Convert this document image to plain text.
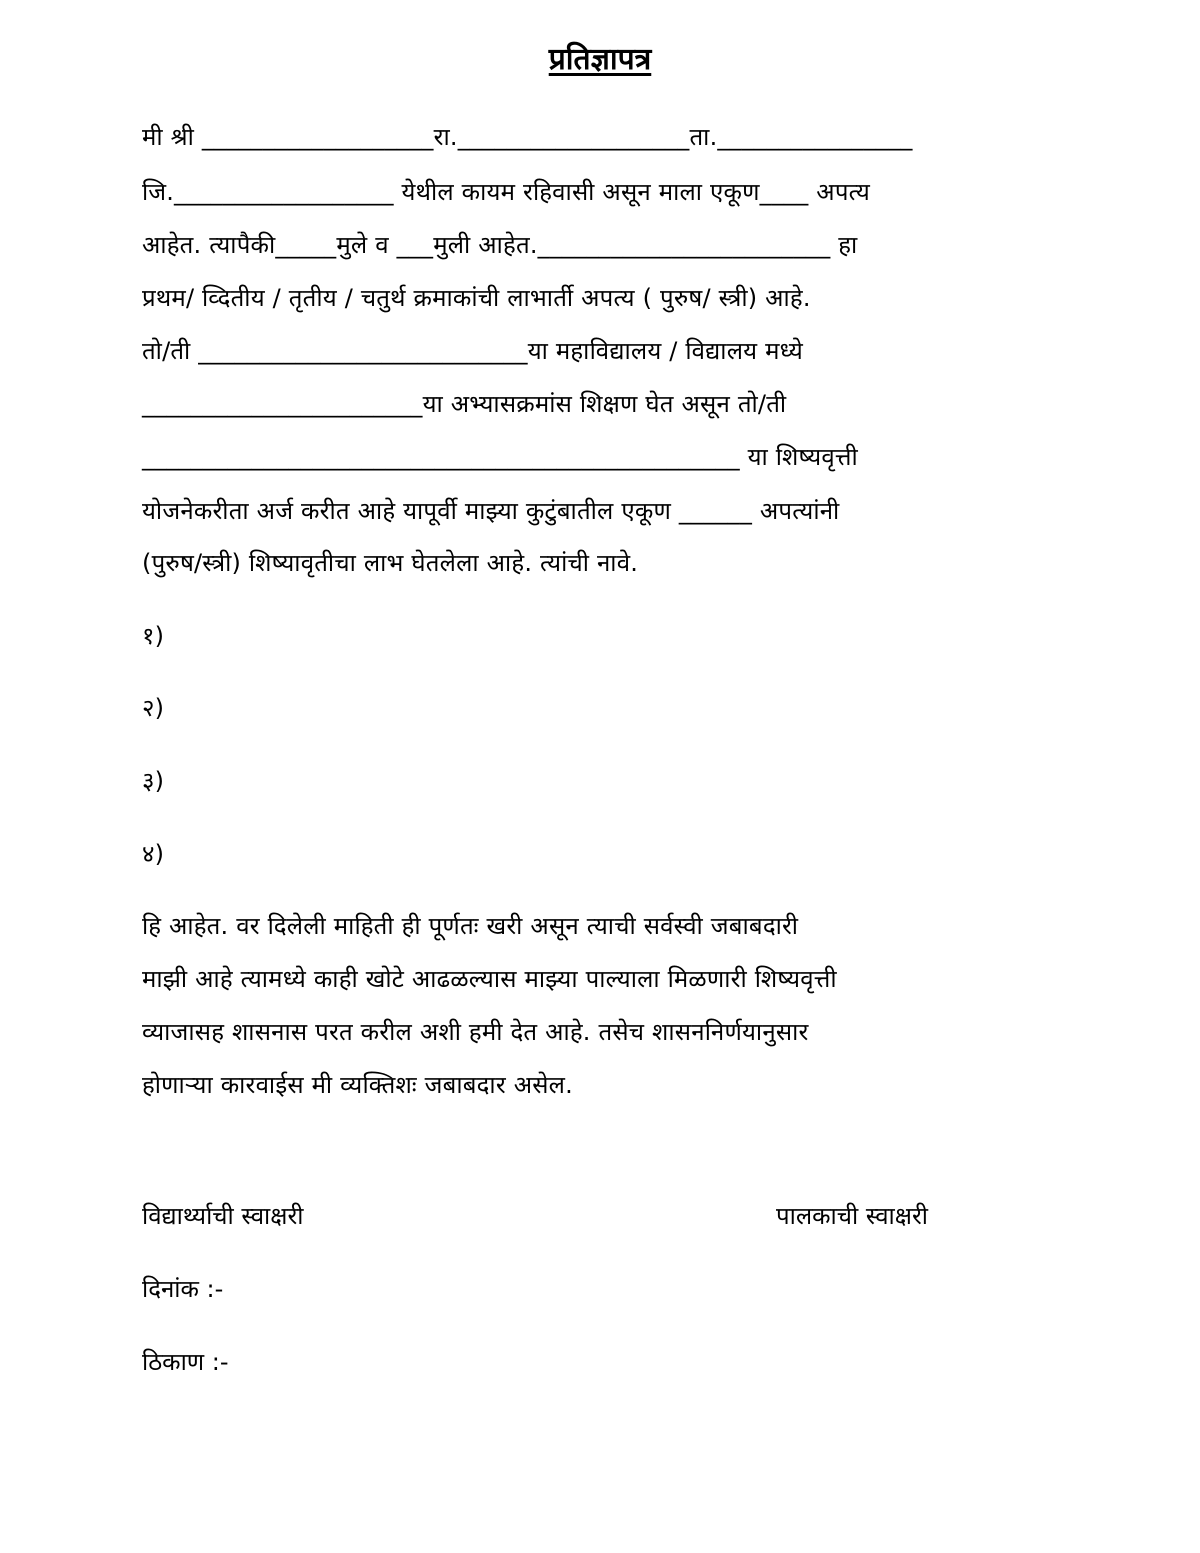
प्रतिज्ञापत्र
मी श्री ___________________रा.___________________ता.________________
जि.__________________ येथील कायम रहिवासी असून माला एकूण____ अपत्य
आहेत. त्यापैकी_____मुले व ___मुली आहेत.________________________ हा
प्रथम/ व्दितीय / तृतीय / चतुर्थ क्रमाकांची लाभार्ती अपत्य ( पुरुष/ स्त्री) आहे.
तो/ती ___________________________या महाविद्यालय / विद्यालय मध्ये
_______________________या अभ्यासक्रमांस शिक्षण घेत असून तो/ती
_________________________________________________ या शिष्यवृत्ती
योजनेकरीता अर्ज करीत आहे यापूर्वी माझ्या कुटुंबातील एकूण ______ अपत्यांनी
(पुरुष/स्त्री) शिष्यावृतीचा लाभ घेतलेला आहे. त्यांची नावे.
१)
२)
३)
४)
हि आहेत. वर दिलेली माहिती ही पूर्णतः खरी असून त्याची सर्वस्वी जबाबदारी
माझी आहे त्यामध्ये काही खोटे आढळल्यास माझ्या पाल्याला मिळणारी शिष्यवृत्ती
व्याजासह शासनास परत करील अशी हमी देत आहे. तसेच शासननिर्णयानुसार
होणाऱ्या कारवाईस मी व्यक्तिशः जबाबदार असेल.
विद्यार्थ्याची स्वाक्षरी	पालकाची स्वाक्षरी
दिनांक :-
ठिकाण :-
